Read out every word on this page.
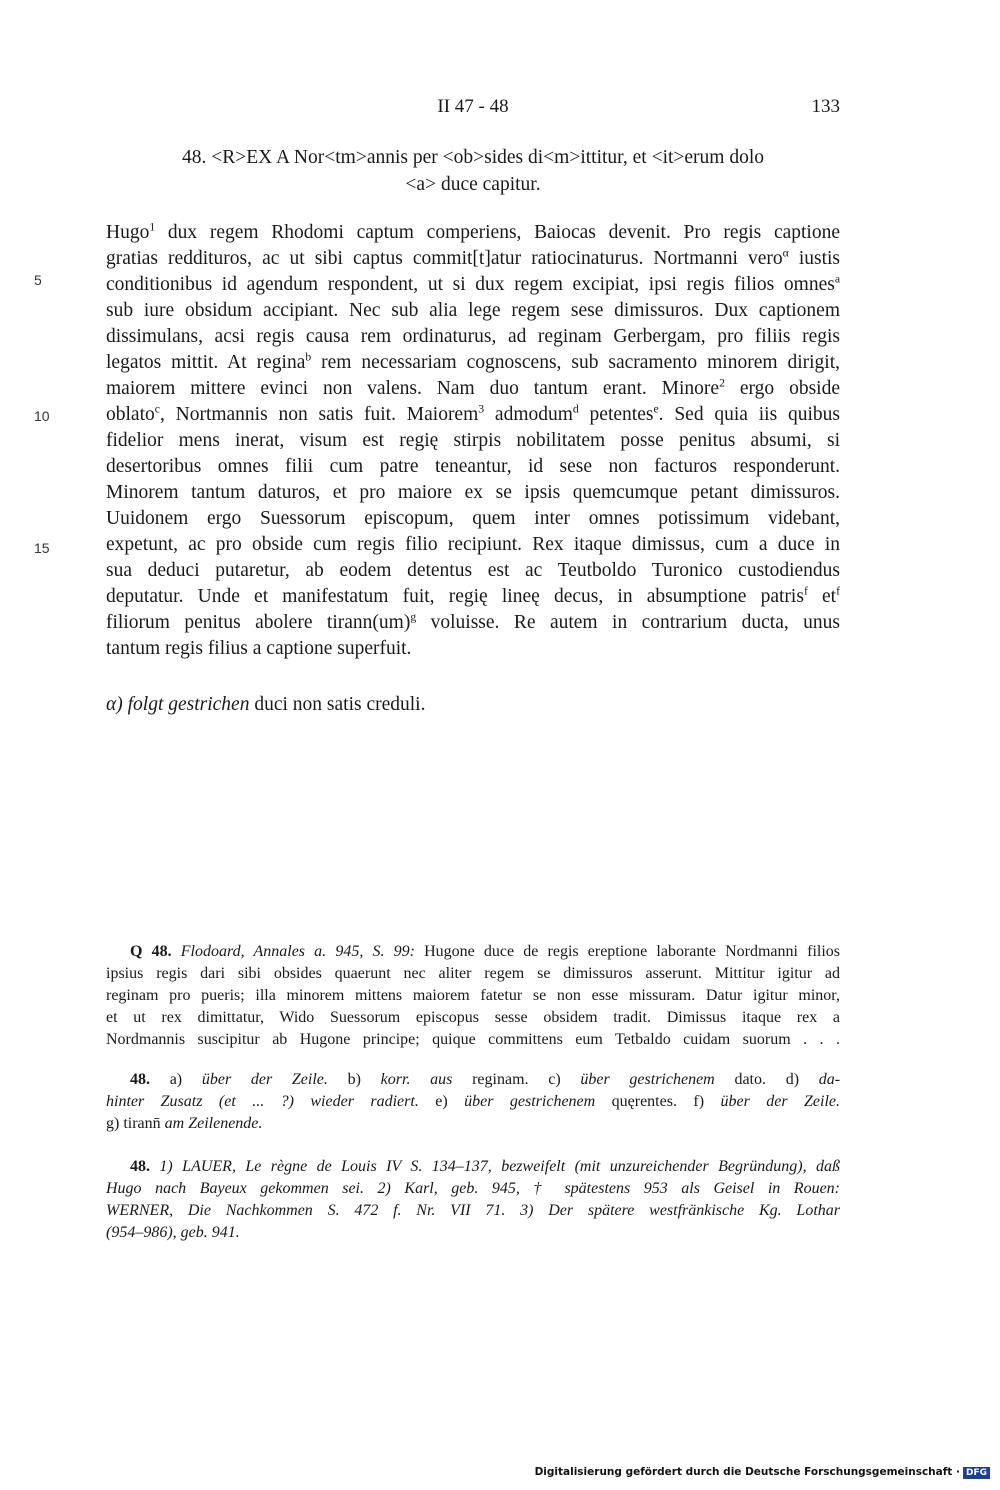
II 47 - 48	133
48. <R>EX A Nor<tm>annis per <ob>sides di<m>ittitur, et <it>erum dolo
<a> duce capitur.
5
10
15
Hugo$^1$ dux regem Rhodomi captum comperiens, Baiocas devenit. Pro regis captione
gratias reddituros, ac ut sibi captus commit[t]atur ratiocinaturus. Nortmanni vero$^\alpha$ iustis
conditionibus id agendum respondent, ut si dux regem excipiat, ipsi regis filios omnes$^a$
sub iure obsidum accipiant. Nec sub alia lege regem sese dimissuros. Dux captionem
dissimulans, acsi regis causa rem ordinaturus, ad reginam Gerbergam, pro filiis regis
legatos mittit. At regina$^b$ rem necessariam cognoscens, sub sacramento minorem dirigit,
maiorem mittere evinci non valens. Nam duo tantum erant. Minore$^2$ ergo obside
oblato$^c$, Nortmannis non satis fuit. Maiorem$^3$ admodum$^d$ petentes$^e$. Sed quia iis quibus
fidelior mens inerat, visum est regię stirpis nobilitatem posse penitus absumi, si
desertoribus omnes filii cum patre teneantur, id sese non facturos responderunt.
Minorem tantum daturos, et pro maiore ex se ipsis quemcumque petant dimissuros.
Uuidonem ergo Suessorum episcopum, quem inter omnes potissimum videbant,
expetunt, ac pro obside cum regis filio recipiunt. Rex itaque dimissus, cum a duce in
sua deduci putaretur, ab eodem detentus est ac Teutboldo Turonico custodiendus
deputatur. Unde et manifestatum fuit, regię lineę decus, in absumptione patris$^f$ $et^f$
filiorum penitus abolere tirann(um)$^g$ voluisse. Re autem in contrarium ducta, unus
tantum regis filius a captione superfuit.
α) folgt gestrichen duci non satis creduli.
Q 48. Flodoard, Annales a. 945, S. 99: Hugone duce de regis ereptione laborante Nordmanni filios
ipsius regis dari sibi obsides quaerunt nec aliter regem se dimissuros asserunt. Mittitur igitur ad
reginam pro pueris; illa minorem mittens maiorem fatetur se non esse missuram. Datur igitur minor,
et ut rex dimittatur, Wido Suessorum episcopus sesse obsidem tradit. Dimissus itaque rex a
Nordmannis suscipitur ab Hugone principe; quique committens eum Tetbaldo cuidam suorum . . .
48. a) über der Zeile. b) korr. aus reginam. c) über gestrichenem dato. d) da-
hinter Zusatz (et ... ?) wieder radiert. e) über gestrichenem quęrentes. f) über der Zeile.
g) tirann̄ am Zeilenende.
48. 1) LAUER, Le règne de Louis IV S. 134–137, bezweifelt (mit unzureichender Begründung), daß
Hugo nach Bayeux gekommen sei. 2) Karl, geb. 945, † spätestens 953 als Geisel in Rouen:
WERNER, Die Nachkommen S. 472 f. Nr. VII 71. 3) Der spätere westfränkische Kg. Lothar
(954–986), geb. 941.
Digitalisierung gefördert durch die Deutsche Forschungsgemeinschaft · DFG
